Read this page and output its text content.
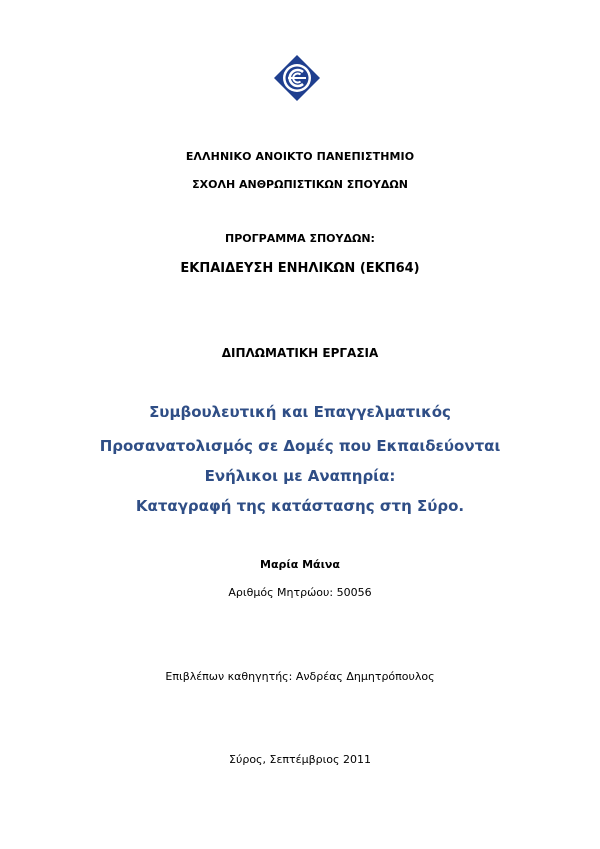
ΕΛΛΗΝΙΚΟ ΑΝΟΙΚΤΟ ΠΑΝΕΠΙΣΤΗΜΙΟ
ΣΧΟΛΗ ΑΝΘΡΩΠΙΣΤΙΚΩΝ ΣΠΟΥΔΩΝ
ΠΡΟΓΡΑΜΜΑ ΣΠΟΥΔΩΝ:
ΕΚΠΑΙΔΕΥΣΗ ΕΝΗΛΙΚΩΝ (ΕΚΠ64)
ΔΙΠΛΩΜΑΤΙΚΗ ΕΡΓΑΣΙΑ
Συμβουλευτική και Επαγγελματικός
Προσανατολισμός σε Δομές που Εκπαιδεύονται
Ενήλικοι με Αναπηρία:
Καταγραφή της κατάστασης στη Σύρο.
Μαρία Μάινα
Αριθμός Μητρώου: 50056
Επιβλέπων καθηγητής: Ανδρέας Δημητρόπουλος
Σύρος, Σεπτέμβριος 2011
